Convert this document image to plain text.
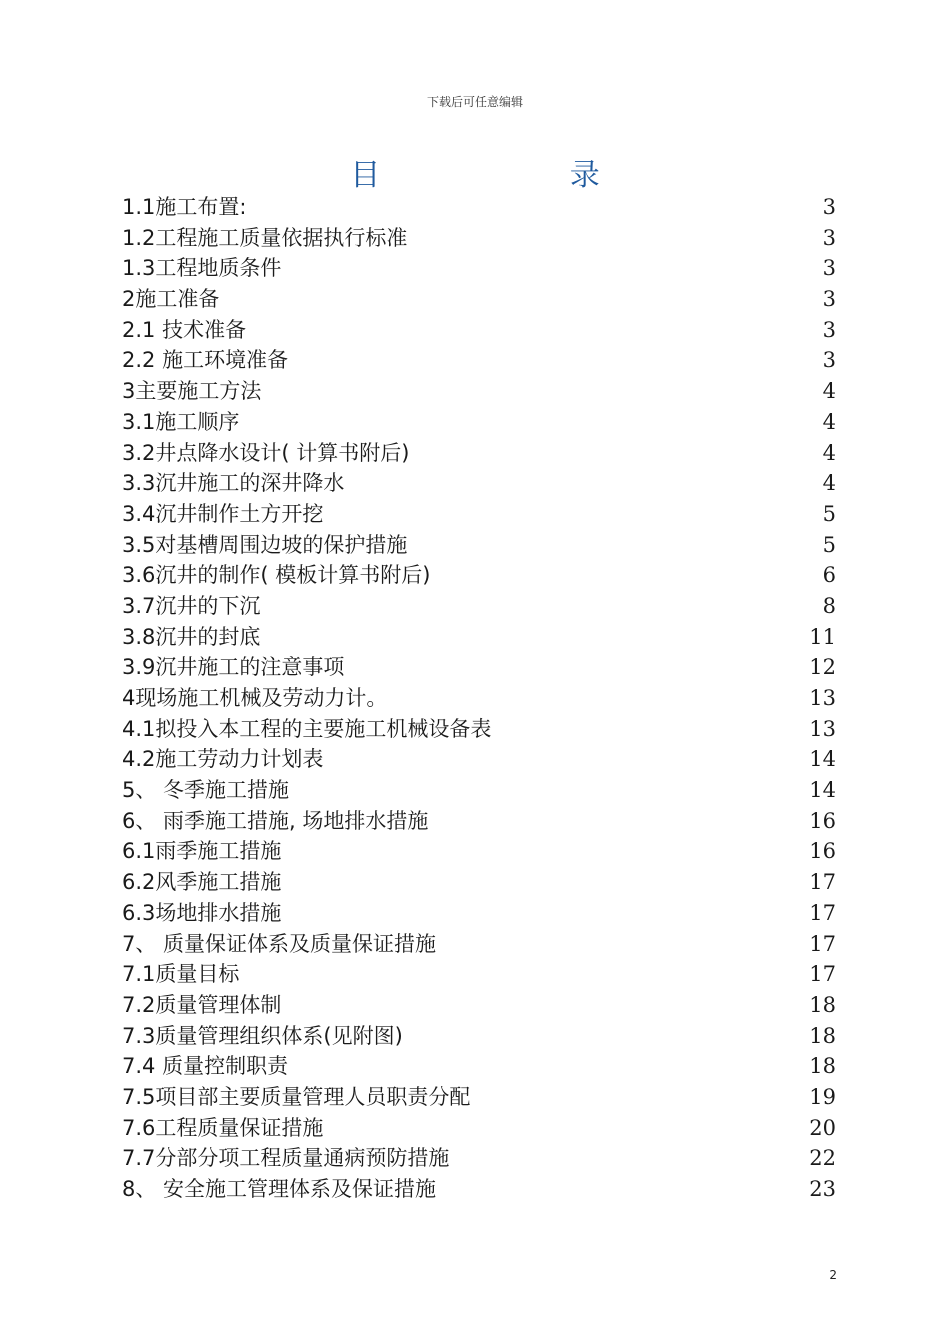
下载后可任意编辑
目 录
1.1施工布置:	3
1.2工程施工质量依据执行标准	3
1.3工程地质条件	3
2施工准备	3
2.1 技术准备	3
2.2 施工环境准备	3
3主要施工方法	4
3.1施工顺序	4
3.2井点降水设计( 计算书附后)	4
3.3沉井施工的深井降水	4
3.4沉井制作土方开挖	5
3.5对基槽周围边坡的保护措施	5
3.6沉井的制作( 模板计算书附后)	6
3.7沉井的下沉	8
3.8沉井的封底	11
3.9沉井施工的注意事项	12
4现场施工机械及劳动力计。	13
4.1拟投入本工程的主要施工机械设备表	13
4.2施工劳动力计划表	14
5、 冬季施工措施	14
6、 雨季施工措施, 场地排水措施	16
6.1雨季施工措施	16
6.2风季施工措施	17
6.3场地排水措施	17
7、 质量保证体系及质量保证措施	17
7.1质量目标	17
7.2质量管理体制	18
7.3质量管理组织体系(见附图)	18
7.4 质量控制职责	18
7.5项目部主要质量管理人员职责分配	19
7.6工程质量保证措施	20
7.7分部分项工程质量通病预防措施	22
8、 安全施工管理体系及保证措施	23
2
